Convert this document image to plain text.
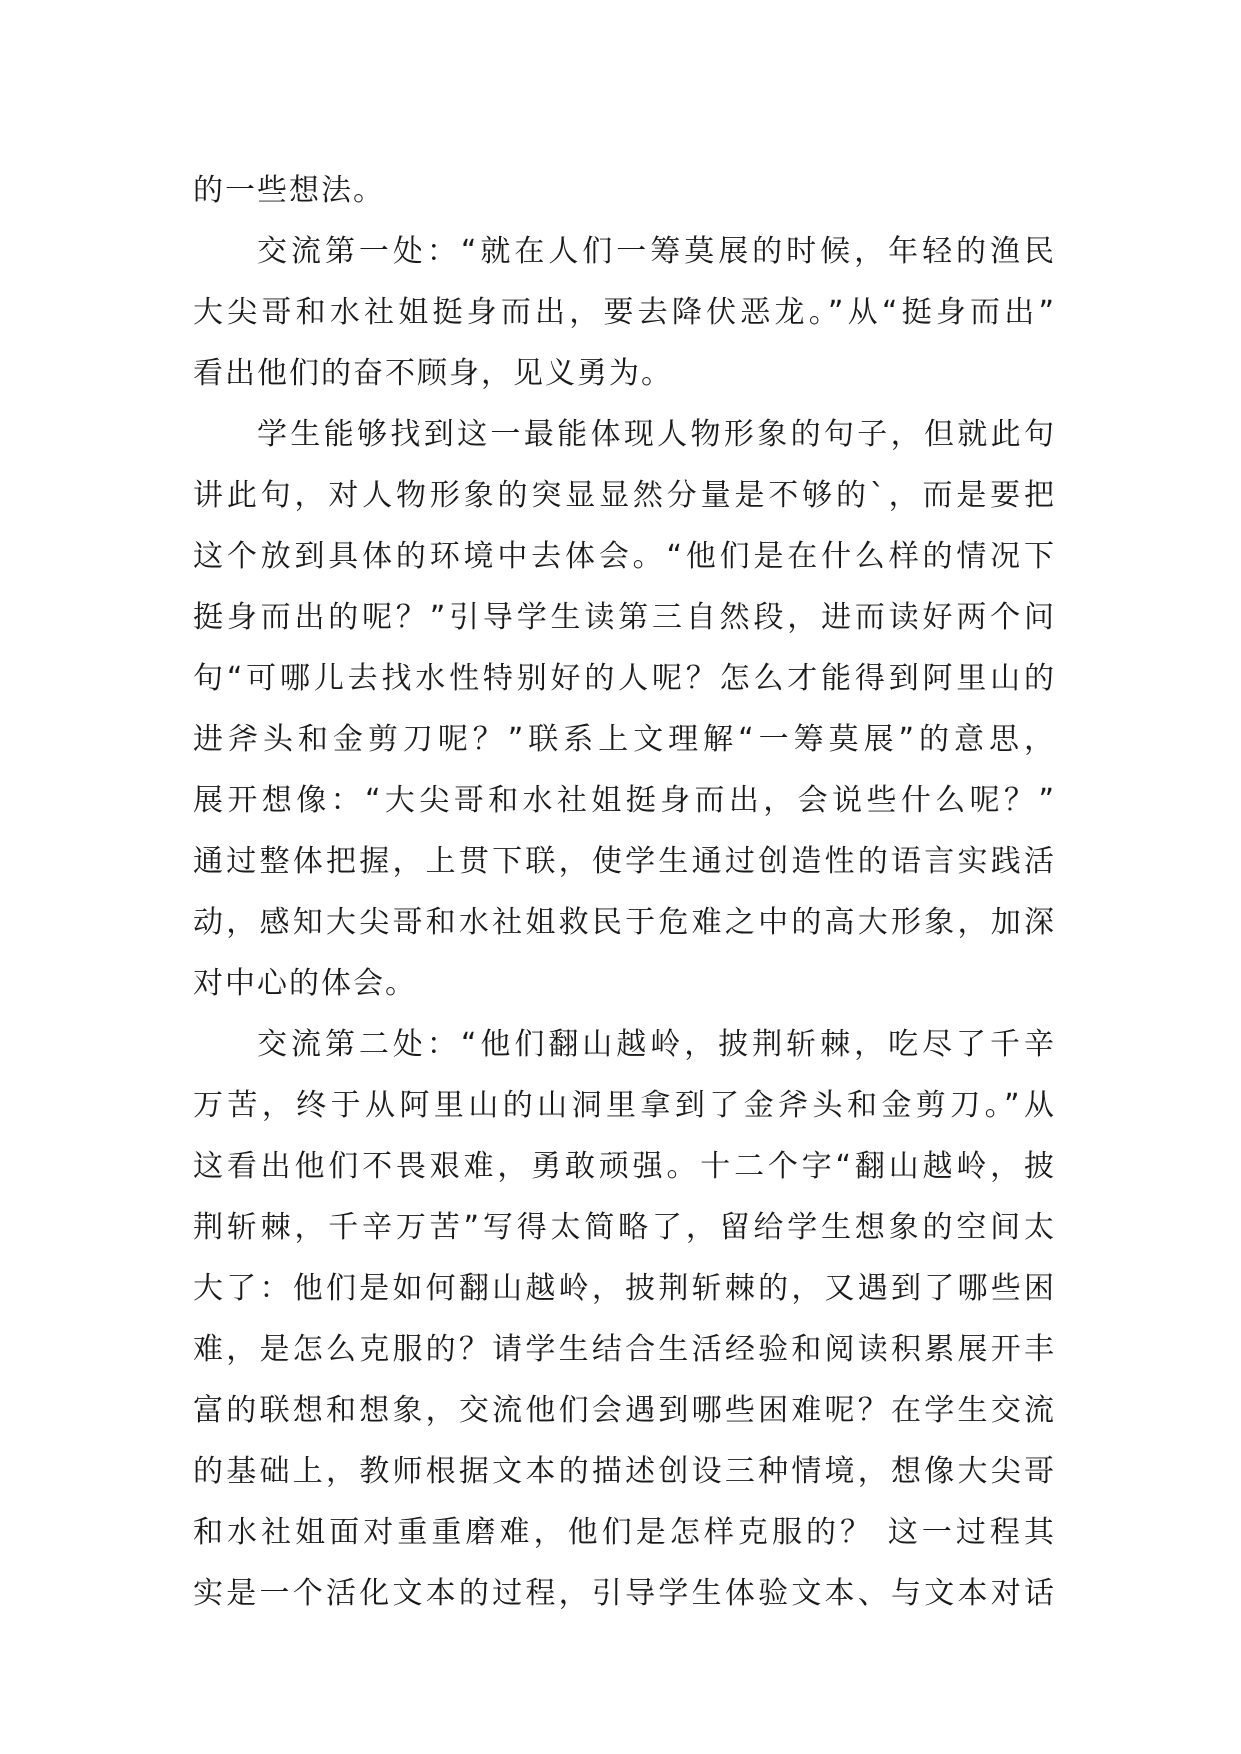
的一些想法。
交流第一处：“就在人们一筹莫展的时候，年轻的渔民
大尖哥和水社姐挺身而出，要去降伏恶龙。”从“挺身而出”
看出他们的奋不顾身，见义勇为。
学生能够找到这一最能体现人物形象的句子，但就此句
讲此句，对人物形象的突显显然分量是不够的`，而是要把
这个放到具体的环境中去体会。“他们是在什么样的情况下
挺身而出的呢？”引导学生读第三自然段，进而读好两个问
句“可哪儿去找水性特别好的人呢？怎么才能得到阿里山的
进斧头和金剪刀呢？”联系上文理解“一筹莫展”的意思，
展开想像：“大尖哥和水社姐挺身而出，会说些什么呢？”
通过整体把握，上贯下联，使学生通过创造性的语言实践活
动，感知大尖哥和水社姐救民于危难之中的高大形象，加深
对中心的体会。
交流第二处：“他们翻山越岭，披荆斩棘，吃尽了千辛
万苦，终于从阿里山的山洞里拿到了金斧头和金剪刀。”从
这看出他们不畏艰难，勇敢顽强。十二个字“翻山越岭，披
荆斩棘，千辛万苦”写得太简略了，留给学生想象的空间太
大了：他们是如何翻山越岭，披荆斩棘的，又遇到了哪些困
难，是怎么克服的？请学生结合生活经验和阅读积累展开丰
富的联想和想象，交流他们会遇到哪些困难呢？在学生交流
的基础上，教师根据文本的描述创设三种情境，想像大尖哥
和水社姐面对重重磨难，他们是怎样克服的？ 这一过程其
实是一个活化文本的过程，引导学生体验文本、与文本对话
